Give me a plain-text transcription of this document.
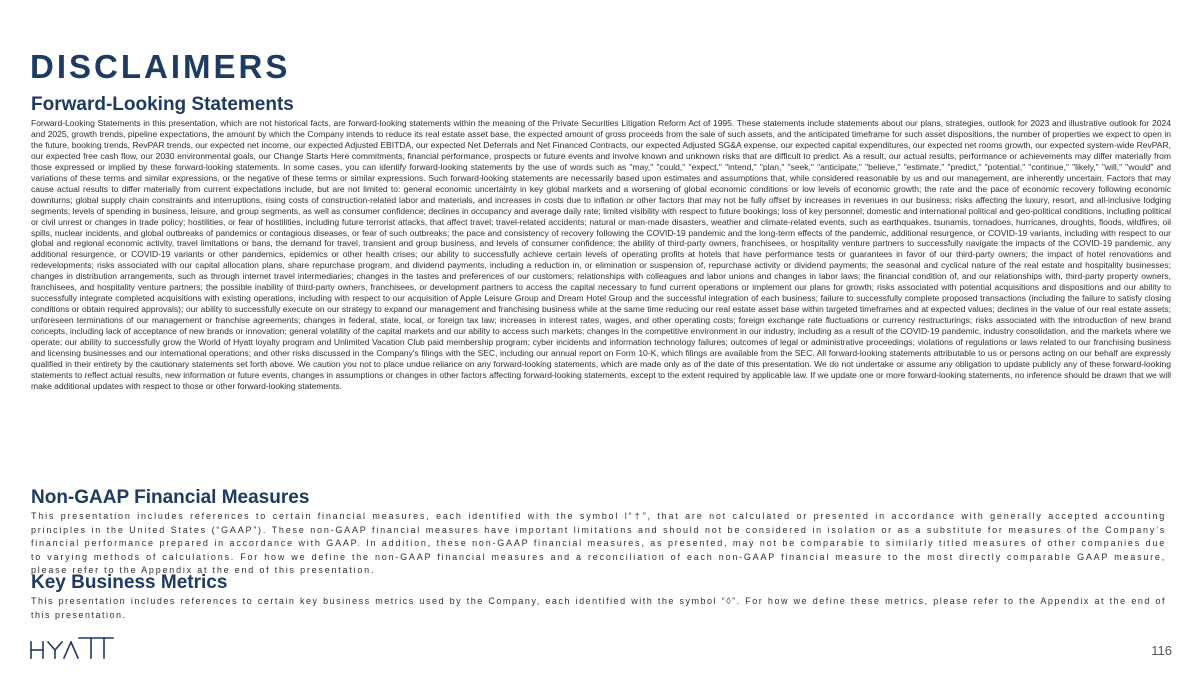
DISCLAIMERS
Forward-Looking Statements

Forward-Looking Statements in this presentation, which are not historical facts, are forward-looking statements within the meaning of the Private Securities Litigation Reform Act of 1995. These statements include statements about our plans, strategies, outlook for 2023 and illustrative outlook for 2024 and 2025, growth trends, pipeline expectations, the amount by which the Company intends to reduce its real estate asset base, the expected amount of gross proceeds from the sale of such assets, and the anticipated timeframe for such asset dispositions, the number of properties we expect to open in the future, booking trends, RevPAR trends, our expected net income, our expected Adjusted EBITDA, our expected Net Deferrals and Net Financed Contracts, our expected Adjusted SG&A expense, our expected capital expenditures, our expected net rooms growth, our expected system-wide RevPAR, our expected free cash flow, our 2030 environmental goals, our Change Starts Here commitments, financial performance, prospects or future events and involve known and unknown risks that are difficult to predict. As a result, our actual results, performance or achievements may differ materially from those expressed or implied by these forward-looking statements. In some cases, you can identify forward-looking statements by the use of words such as "may," "could," "expect," "intend," "plan," "seek," "anticipate," "believe," "estimate," "predict," "potential," "continue," "likely," "will," "would" and variations of these terms and similar expressions, or the negative of these terms or similar expressions. Such forward-looking statements are necessarily based upon estimates and assumptions that, while considered reasonable by us and our management, are inherently uncertain. Factors that may cause actual results to differ materially from current expectations include, but are not limited to: general economic uncertainty in key global markets and a worsening of global economic conditions or low levels of economic growth; the rate and the pace of economic recovery following economic downturns; global supply chain constraints and interruptions, rising costs of construction-related labor and materials, and increases in costs due to inflation or other factors that may not be fully offset by increases in revenues in our business; risks affecting the luxury, resort, and all-inclusive lodging segments; levels of spending in business, leisure, and group segments, as well as consumer confidence; declines in occupancy and average daily rate; limited visibility with respect to future bookings; loss of key personnel; domestic and international political and geo-political conditions, including political or civil unrest or changes in trade policy; hostilities, or fear of hostilities, including future terrorist attacks, that affect travel; travel-related accidents; natural or man-made disasters, weather and climate-related events, such as earthquakes, tsunamis, tornadoes, hurricanes, droughts, floods, wildfires, oil spills, nuclear incidents, and global outbreaks of pandemics or contagious diseases, or fear of such outbreaks; the pace and consistency of recovery following the COVID-19 pandemic and the long-term effects of the pandemic, additional resurgence, or COVID-19 variants, including with respect to our global and regional economic activity, travel limitations or bans, the demand for travel, transient and group business, and levels of consumer confidence; the ability of third-party owners, franchisees, or hospitality venture partners to successfully navigate the impacts of the COVID-19 pandemic, any additional resurgence, or COVID-19 variants or other pandemics, epidemics or other health crises; our ability to successfully achieve certain levels of operating profits at hotels that have performance tests or guarantees in favor of our third-party owners; the impact of hotel renovations and redevelopments; risks associated with our capital allocation plans, share repurchase program, and dividend payments, including a reduction in, or elimination or suspension of, repurchase activity or dividend payments; the seasonal and cyclical nature of the real estate and hospitality businesses; changes in distribution arrangements, such as through internet travel intermediaries; changes in the tastes and preferences of our customers; relationships with colleagues and labor unions and changes in labor laws; the financial condition of, and our relationships with, third-party property owners, franchisees, and hospitality venture partners; the possible inability of third-party owners, franchisees, or development partners to access the capital necessary to fund current operations or implement our plans for growth; risks associated with potential acquisitions and dispositions and our ability to successfully integrate completed acquisitions with existing operations, including with respect to our acquisition of Apple Leisure Group and Dream Hotel Group and the successful integration of each business; failure to successfully complete proposed transactions (including the failure to satisfy closing conditions or obtain required approvals); our ability to successfully execute on our strategy to expand our management and franchising business while at the same time reducing our real estate asset base within targeted timeframes and at expected values; declines in the value of our real estate assets; unforeseen terminations of our management or franchise agreements; changes in federal, state, local, or foreign tax law; increases in interest rates, wages, and other operating costs; foreign exchange rate fluctuations or currency restructurings; risks associated with the introduction of new brand concepts, including lack of acceptance of new brands or innovation; general volatility of the capital markets and our ability to access such markets; changes in the competitive environment in our industry, including as a result of the COVID-19 pandemic, industry consolidation, and the markets where we operate; our ability to successfully grow the World of Hyatt loyalty program and Unlimited Vacation Club paid membership program; cyber incidents and information technology failures; outcomes of legal or administrative proceedings; violations of regulations or laws related to our franchising business and licensing businesses and our international operations; and other risks discussed in the Company's filings with the SEC, including our annual report on Form 10-K, which filings are available from the SEC. All forward-looking statements attributable to us or persons acting on our behalf are expressly qualified in their entirety by the cautionary statements set forth above. We caution you not to place undue reliance on any forward-looking statements, which are made only as of the date of this presentation. We do not undertake or assume any obligation to update publicly any of these forward-looking statements to reflect actual results, new information or future events, changes in assumptions or changes in other factors affecting forward-looking statements, except to the extent required by applicable law. If we update one or more forward-looking statements, no inference should be drawn that we will make additional updates with respect to those or other forward-looking statements.

Non-GAAP Financial Measures

This presentation includes references to certain financial measures, each identified with the symbol l“†”, that are not calculated or presented in accordance with generally accepted accounting principles in the United States (“GAAP”). These non-GAAP financial measures have important limitations and should not be considered in isolation or as a substitute for measures of the Company’s financial performance prepared in accordance with GAAP. In addition, these non-GAAP financial measures, as presented, may not be comparable to similarly titled measures of other companies due to varying methods of calculations. For how we define the non-GAAP financial measures and a reconciliation of each non-GAAP financial measure to the most directly comparable GAAP measure, please refer to the Appendix at the end of this presentation.

Key Business Metrics

This presentation includes references to certain key business metrics used by the Company, each identified with the symbol “◊”. For how we define these metrics, please refer to the Appendix at the end of this presentation.

116
